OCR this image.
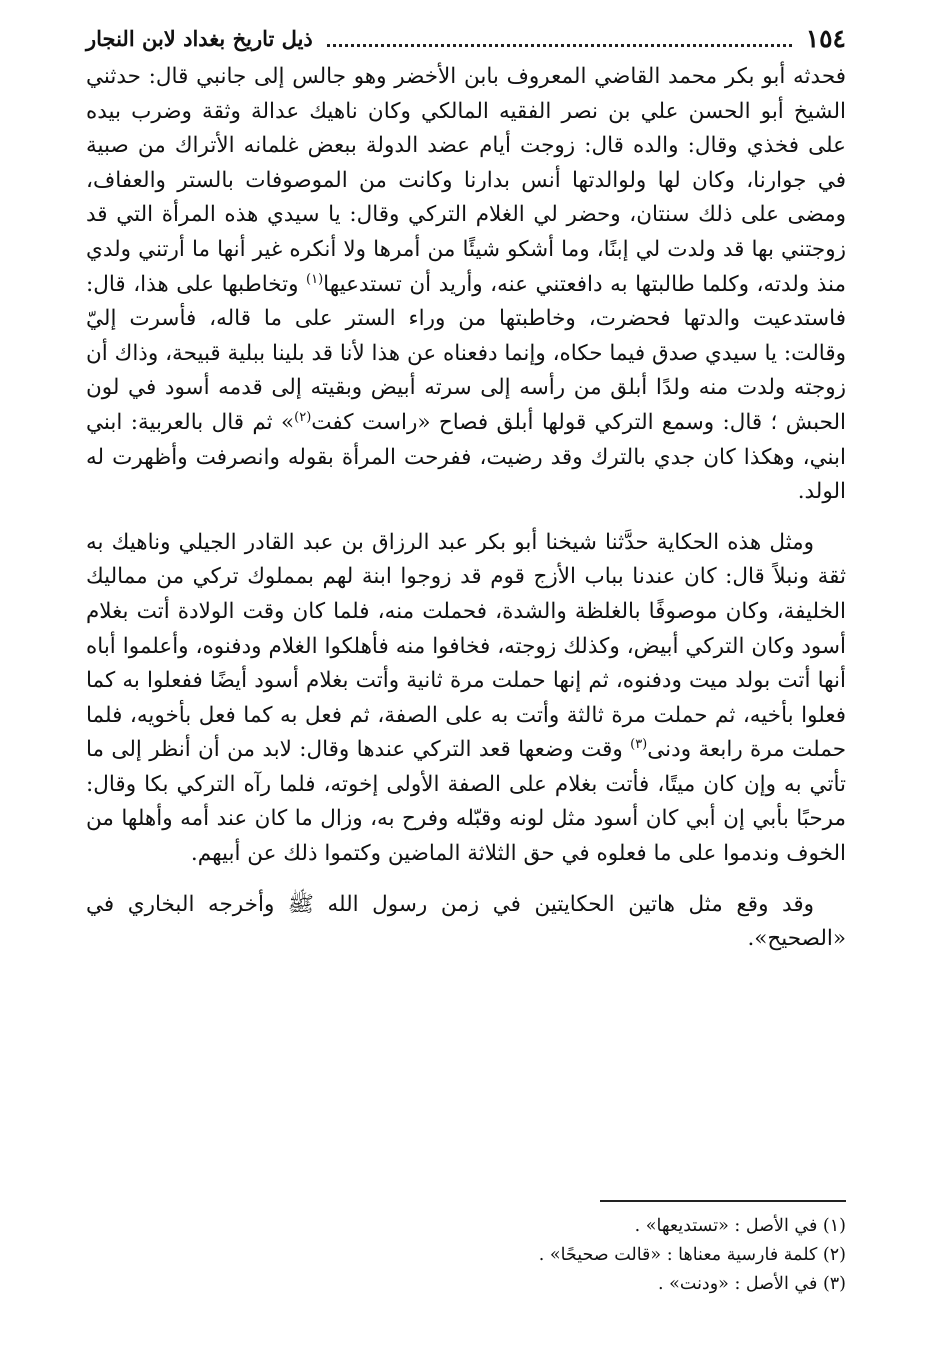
١٥٤
ذيل تاريخ بغداد لابن النجار

فحدثه أبو بكر محمد القاضي المعروف بابن الأخضر وهو جالس إلى جانبي قال: حدثني الشيخ أبو الحسن علي بن نصر الفقيه المالكي وكان ناهيك عدالة وثقة وضرب بيده على فخذي وقال: والده قال: زوجت أيام عضد الدولة ببعض غلمانه الأتراك من صبية في جوارنا، وكان لها ولوالدتها أنس بدارنا وكانت من الموصوفات بالستر والعفاف، ومضى على ذلك سنتان، وحضر لي الغلام التركي وقال: يا سيدي هذه المرأة التي قد زوجتني بها قد ولدت لي إبنًا، وما أشكو شيئًا من أمرها ولا أنكره غير أنها ما أرتني ولدي منذ ولدته، وكلما طالبتها به دافعتني عنه، وأريد أن تستدعيها$^{(١)}$ وتخاطبها على هذا، قال: فاستدعيت والدتها فحضرت، وخاطبتها من وراء الستر على ما قاله، فأسرت إليّ وقالت: يا سيدي صدق فيما حكاه، وإنما دفعناه عن هذا لأنا قد بلينا ببلية قبيحة، وذاك أن زوجته ولدت منه ولدًا أبلق من رأسه إلى سرته أبيض وبقيته إلى قدمه أسود في لون الحبش ؛ قال: وسمع التركي قولها أبلق فصاح «راست كفت$^{(٢)}$» ثم قال بالعربية: ابني ابني، وهكذا كان جدي بالترك وقد رضيت، ففرحت المرأة بقوله وانصرفت وأظهرت له الولد.

ومثل هذه الحكاية حدَّثنا شيخنا أبو بكر عبد الرزاق بن عبد القادر الجيلي وناهيك به ثقة ونبلاً قال: كان عندنا بباب الأزج قوم قد زوجوا ابنة لهم بمملوك تركي من مماليك الخليفة، وكان موصوفًا بالغلظة والشدة، فحملت منه، فلما كان وقت الولادة أتت بغلام أسود وكان التركي أبيض، وكذلك زوجته، فخافوا منه فأهلكوا الغلام ودفنوه، وأعلموا أباه أنها أتت بولد ميت ودفنوه، ثم إنها حملت مرة ثانية وأتت بغلام أسود أيضًا ففعلوا به كما فعلوا بأخيه، ثم حملت مرة ثالثة وأتت به على الصفة، ثم فعل به كما فعل بأخويه، فلما حملت مرة رابعة ودنى$^{(٣)}$ وقت وضعها قعد التركي عندها وقال: لابد من أن أنظر إلى ما تأتي به وإن كان ميتًا، فأتت بغلام على الصفة الأولى إخوته، فلما رآه التركي بكا وقال: مرحبًا بأبي إن أبي كان أسود مثل لونه وقبّله وفرح به، وزال ما كان عند أمه وأهلها من الخوف وندموا على ما فعلوه في حق الثلاثة الماضين وكتموا ذلك عن أبيهم.

وقد وقع مثل هاتين الحكايتين في زمن رسول الله ﷺ وأخرجه البخاري في «الصحيح».

(١) في الأصل : «تستديعها» .
(٢) كلمة فارسية معناها : «قالت صحيحًا» .
(٣) في الأصل : «ودنت» .
